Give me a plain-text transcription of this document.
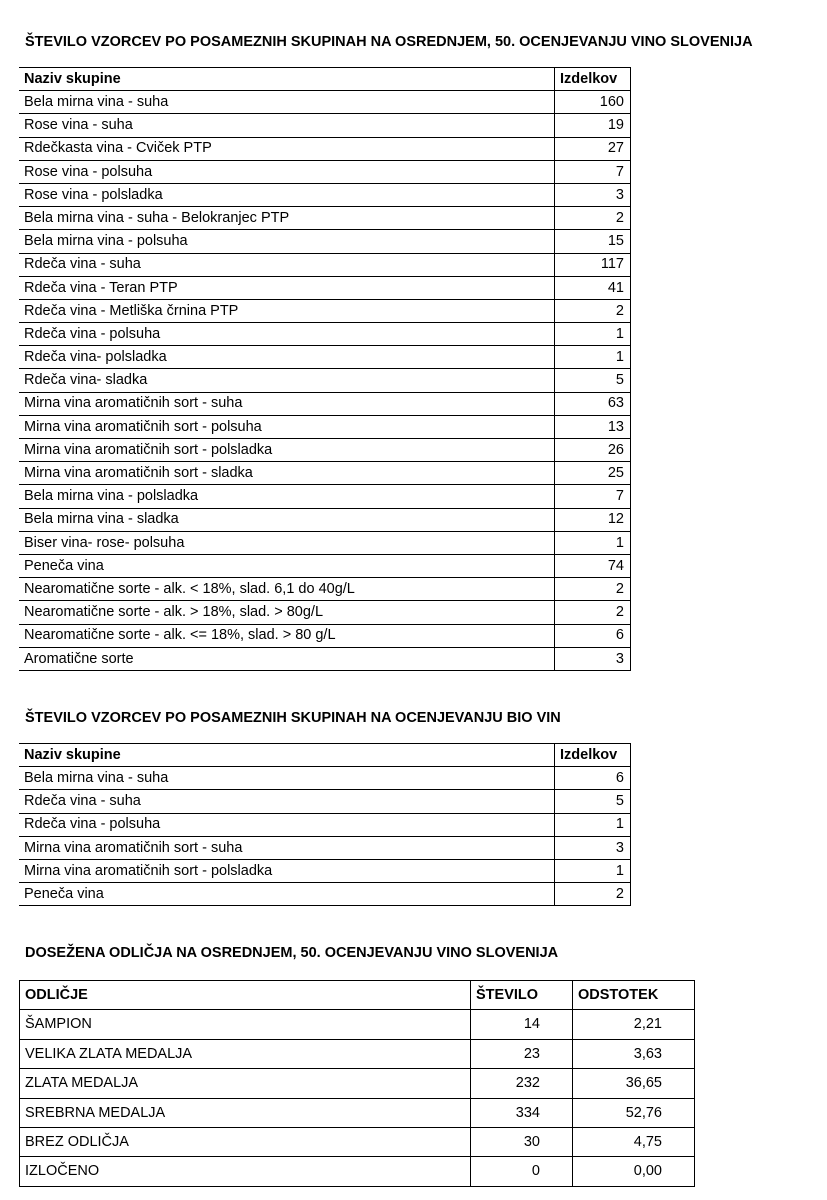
ŠTEVILO VZORCEV PO POSAMEZNIH SKUPINAH NA OSREDNJEM, 50. OCENJEVANJU VINO SLOVENIJA
Naziv skupine	Izdelkov
Bela mirna vina - suha	160
Rose vina - suha	19
Rdečkasta vina - Cviček PTP	27
Rose vina - polsuha	7
Rose vina - polsladka	3
Bela mirna vina - suha - Belokranjec PTP	2
Bela mirna vina - polsuha	15
Rdeča vina - suha	117
Rdeča vina - Teran PTP	41
Rdeča vina - Metliška črnina PTP	2
Rdeča vina - polsuha	1
Rdeča vina- polsladka	1
Rdeča vina- sladka	5
Mirna vina aromatičnih sort - suha	63
Mirna vina aromatičnih sort - polsuha	13
Mirna vina aromatičnih sort - polsladka	26
Mirna vina aromatičnih sort - sladka	25
Bela mirna vina - polsladka	7
Bela mirna vina - sladka	12
Biser vina- rose- polsuha	1
Peneča vina	74
Nearomatične sorte - alk. < 18%, slad. 6,1 do 40g/L	2
Nearomatične sorte - alk. > 18%, slad. > 80g/L	2
Nearomatične sorte - alk. <= 18%, slad. > 80 g/L	6
Aromatične sorte	3
ŠTEVILO VZORCEV PO POSAMEZNIH SKUPINAH NA OCENJEVANJU BIO VIN
Naziv skupine	Izdelkov
Bela mirna vina - suha	6
Rdeča vina - suha	5
Rdeča vina - polsuha	1
Mirna vina aromatičnih sort - suha	3
Mirna vina aromatičnih sort - polsladka	1
Peneča vina	2
DOSEŽENA ODLIČJA NA OSREDNJEM, 50. OCENJEVANJU VINO SLOVENIJA
ODLIČJE	ŠTEVILO	ODSTOTEK
ŠAMPION	14	2,21
VELIKA ZLATA MEDALJA	23	3,63
ZLATA MEDALJA	232	36,65
SREBRNA MEDALJA	334	52,76
BREZ ODLIČJA	30	4,75
IZLOČENO	0	0,00
